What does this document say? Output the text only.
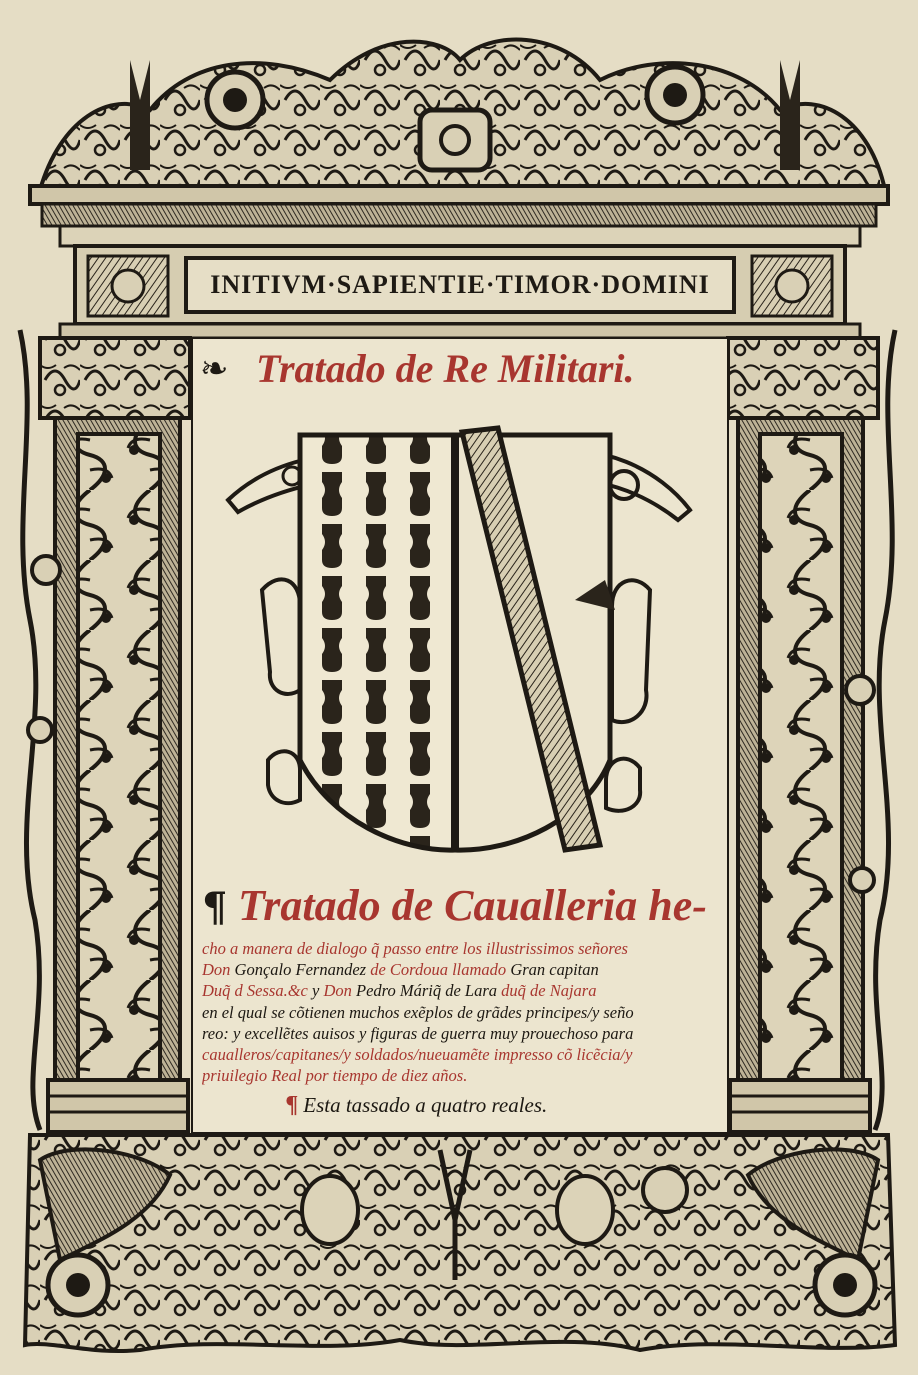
INITIVM·SAPIENTIE·TIMOR·DOMINI
❧ Tratado de Re Militari.
¶ Tratado de Caualleria he-
cho a manera de dialogo q̃ passo entre los illustrissimos señores
Don Gonçalo Fernandez de Cordoua llamado Gran capitan
Duq̃ d Sessa.&c y Don Pedro Máriq̃ de Lara duq̃ de Najara
en el qual se cõtienen muchos exẽplos de grãdes principes/y seño
reo: y excellẽtes auisos y figuras de guerra muy prouechoso para
caualleros/capitanes/y soldados/nueuamẽte impresso cõ licẽcia/y
priuilegio Real por tiempo de diez años.
¶ Esta tassado a quatro reales.
